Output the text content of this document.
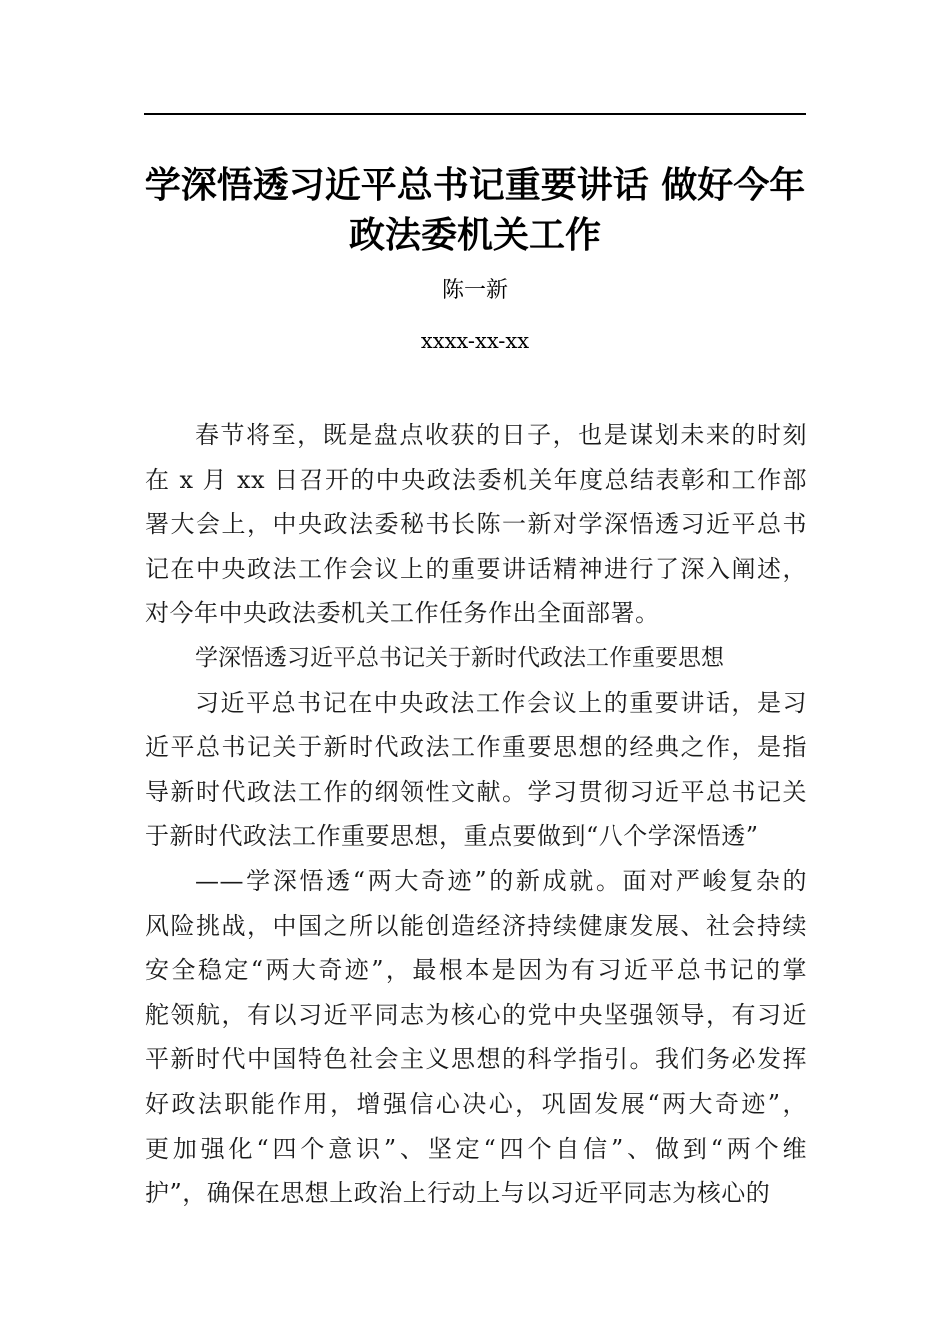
学深悟透习近平总书记重要讲话 做好今年
政法委机关工作
陈一新
xxxx-xx-xx
春节将至，既是盘点收获的日子，也是谋划未来的时刻
在 x 月 xx 日召开的中央政法委机关年度总结表彰和工作部
署大会上，中央政法委秘书长陈一新对学深悟透习近平总书
记在中央政法工作会议上的重要讲话精神进行了深入阐述，
对今年中央政法委机关工作任务作出全面部署。
学深悟透习近平总书记关于新时代政法工作重要思想
习近平总书记在中央政法工作会议上的重要讲话，是习
近平总书记关于新时代政法工作重要思想的经典之作，是指
导新时代政法工作的纲领性文献。学习贯彻习近平总书记关
于新时代政法工作重要思想，重点要做到“八个学深悟透”
——学深悟透“两大奇迹”的新成就。面对严峻复杂的
风险挑战，中国之所以能创造经济持续健康发展、社会持续
安全稳定“两大奇迹”，最根本是因为有习近平总书记的掌
舵领航，有以习近平同志为核心的党中央坚强领导，有习近
平新时代中国特色社会主义思想的科学指引。我们务必发挥
好政法职能作用，增强信心决心，巩固发展“两大奇迹”，
更加强化“四个意识”、坚定“四个自信”、做到“两个维
护”，确保在思想上政治上行动上与以习近平同志为核心的
